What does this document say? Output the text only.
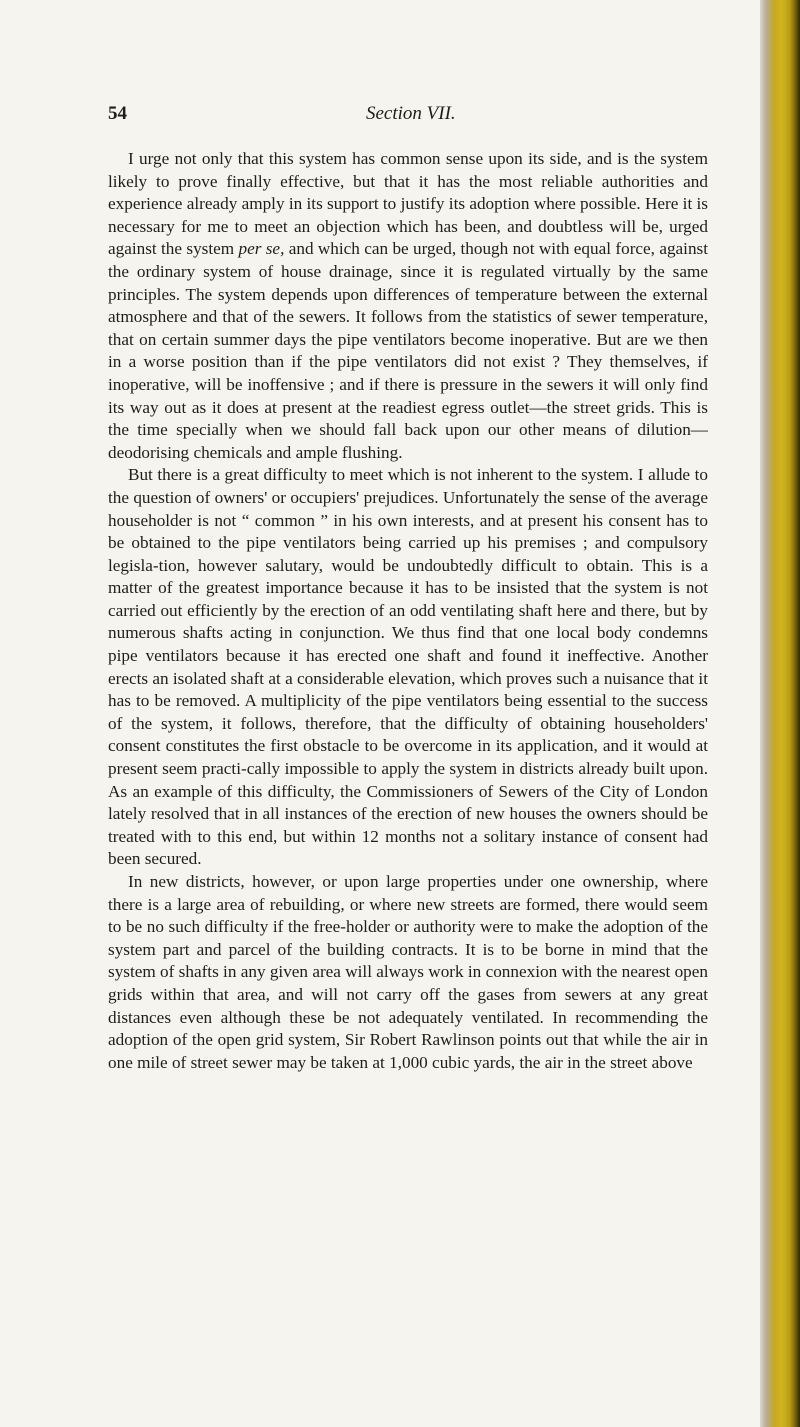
54	Section VII.

I urge not only that this system has common sense upon its side, and is the system likely to prove finally effective, but that it has the most reliable authorities and experience already amply in its support to justify its adoption where possible. Here it is necessary for me to meet an objection which has been, and doubtless will be, urged against the system per se, and which can be urged, though not with equal force, against the ordinary system of house drainage, since it is regulated virtually by the same principles. The system depends upon differences of temperature between the external atmosphere and that of the sewers. It follows from the statistics of sewer temperature, that on certain summer days the pipe ventilators become inoperative. But are we then in a worse position than if the pipe ventilators did not exist ? They themselves, if inoperative, will be inoffensive ; and if there is pressure in the sewers it will only find its way out as it does at present at the readiest egress outlet—the street grids. This is the time specially when we should fall back upon our other means of dilution—deodorising chemicals and ample flushing.

But there is a great difficulty to meet which is not inherent to the system. I allude to the question of owners' or occupiers' prejudices. Unfortunately the sense of the average householder is not “ common ” in his own interests, and at present his consent has to be obtained to the pipe ventilators being carried up his premises ; and compulsory legisla-tion, however salutary, would be undoubtedly difficult to obtain. This is a matter of the greatest importance because it has to be insisted that the system is not carried out efficiently by the erection of an odd ventilating shaft here and there, but by numerous shafts acting in conjunction. We thus find that one local body condemns pipe ventilators because it has erected one shaft and found it ineffective. Another erects an isolated shaft at a considerable elevation, which proves such a nuisance that it has to be removed. A multiplicity of the pipe ventilators being essential to the success of the system, it follows, therefore, that the difficulty of obtaining householders' consent constitutes the first obstacle to be overcome in its application, and it would at present seem practi-cally impossible to apply the system in districts already built upon. As an example of this difficulty, the Commissioners of Sewers of the City of London lately resolved that in all instances of the erection of new houses the owners should be treated with to this end, but within 12 months not a solitary instance of consent had been secured.

In new districts, however, or upon large properties under one ownership, where there is a large area of rebuilding, or where new streets are formed, there would seem to be no such difficulty if the free-holder or authority were to make the adoption of the system part and parcel of the building contracts. It is to be borne in mind that the system of shafts in any given area will always work in connexion with the nearest open grids within that area, and will not carry off the gases from sewers at any great distances even although these be not adequately ventilated. In recommending the adoption of the open grid system, Sir Robert Rawlinson points out that while the air in one mile of street sewer may be taken at 1,000 cubic yards, the air in the street above
